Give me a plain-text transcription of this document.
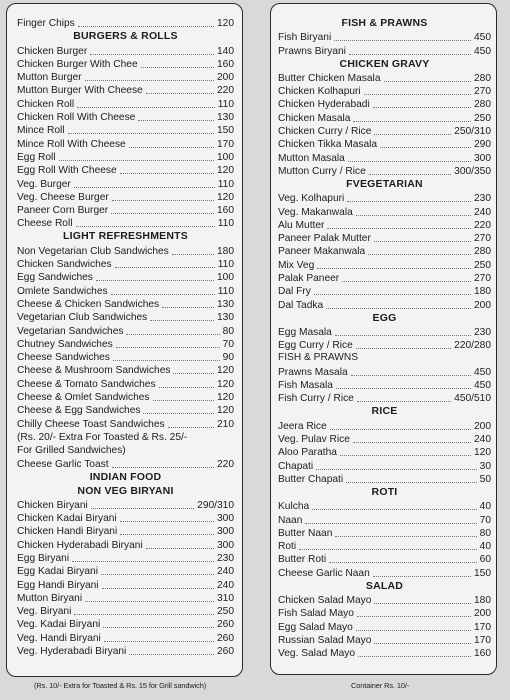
Finger Chips	120
BURGERS & ROLLS
Chicken Burger	140
Chicken Burger With Chee	160
Mutton Burger	200
Mutton Burger With Cheese	220
Chicken Roll	110
Chicken Roll With Cheese	130
Mince Roll	150
Mince Roll With Cheese	170
Egg Roll	100
Egg Roll With Cheese	120
Veg. Burger	110
Veg. Cheese Burger	120
Paneer Corn Burger	160
Cheese Roll	110
LIGHT REFRESHMENTS
Non Vegetarian Club Sandwiches	180
Chicken Sandwiches	110
Egg Sandwiches	100
Omlete Sandwiches	110
Cheese & Chicken Sandwiches	130
Vegetarian Club Sandwiches	130
Vegetarian Sandwiches	80
Chutney Sandwiches	70
Cheese Sandwiches	90
Cheese & Mushroom Sandwiches	120
Cheese & Tomato Sandwiches	120
Cheese & Omlet Sandwiches	120
Cheese & Egg Sandwiches	120
Chilly Cheese Toast Sandwiches	210
(Rs. 20/- Extra For Toasted & Rs. 25/-
For Grilled Sandwiches)
Cheese Garlic Toast	220
INDIAN FOOD
NON VEG BIRYANI
Chicken Biryani	290/310
Chicken Kadai Biryani	300
Chicken Handi Biryani	300
Chicken Hyderabadi Biryani	300
Egg Biryani	230
Egg Kadai Biryani	240
Egg Handi Biryani	240
Mutton Biryani	310
Veg. Biryani	250
Veg. Kadai Biryani	260
Veg. Handi Biryani	260
Veg. Hyderabadi Biryani	260
FISH & PRAWNS
Fish Biryani	450
Prawns Biryani	450
CHICKEN GRAVY
Butter Chicken Masala	280
Chicken Kolhapuri	270
Chicken Hyderabadi	280
Chicken Masala	250
Chicken Curry / Rice	250/310
Chicken Tikka Masala	290
Mutton Masala	300
Mutton Curry / Rice	300/350
FVEGETARIAN
Veg. Kolhapuri	230
Veg. Makanwala	240
Alu Mutter	220
Paneer Palak Mutter	270
Paneer Makanwala	280
Mix Veg	250
Palak Paneer	270
Dal Fry	180
Dal Tadka	200
EGG
Egg Masala	230
Egg Curry / Rice	220/280
FISH & PRAWNS
Prawns Masala	450
Fish Masala	450
Fish Curry / Rice	450/510
RICE
Jeera Rice	200
Veg. Pulav Rice	240
Aloo Paratha	120
Chapati	30
Butter Chapati	50
ROTI
Kulcha	40
Naan	70
Butter Naan	80
Roti	40
Butter Roti	60
Cheese Garlic Naan	150
SALAD
Chicken Salad Mayo	180
Fish Salad Mayo	200
Egg Salad Mayo	170
Russian Salad Mayo	170
Veg. Salad Mayo	160
(Rs. 10/- Extra for Toasted & Rs. 15 for Grill sandwich)	Container Rs. 10/-
